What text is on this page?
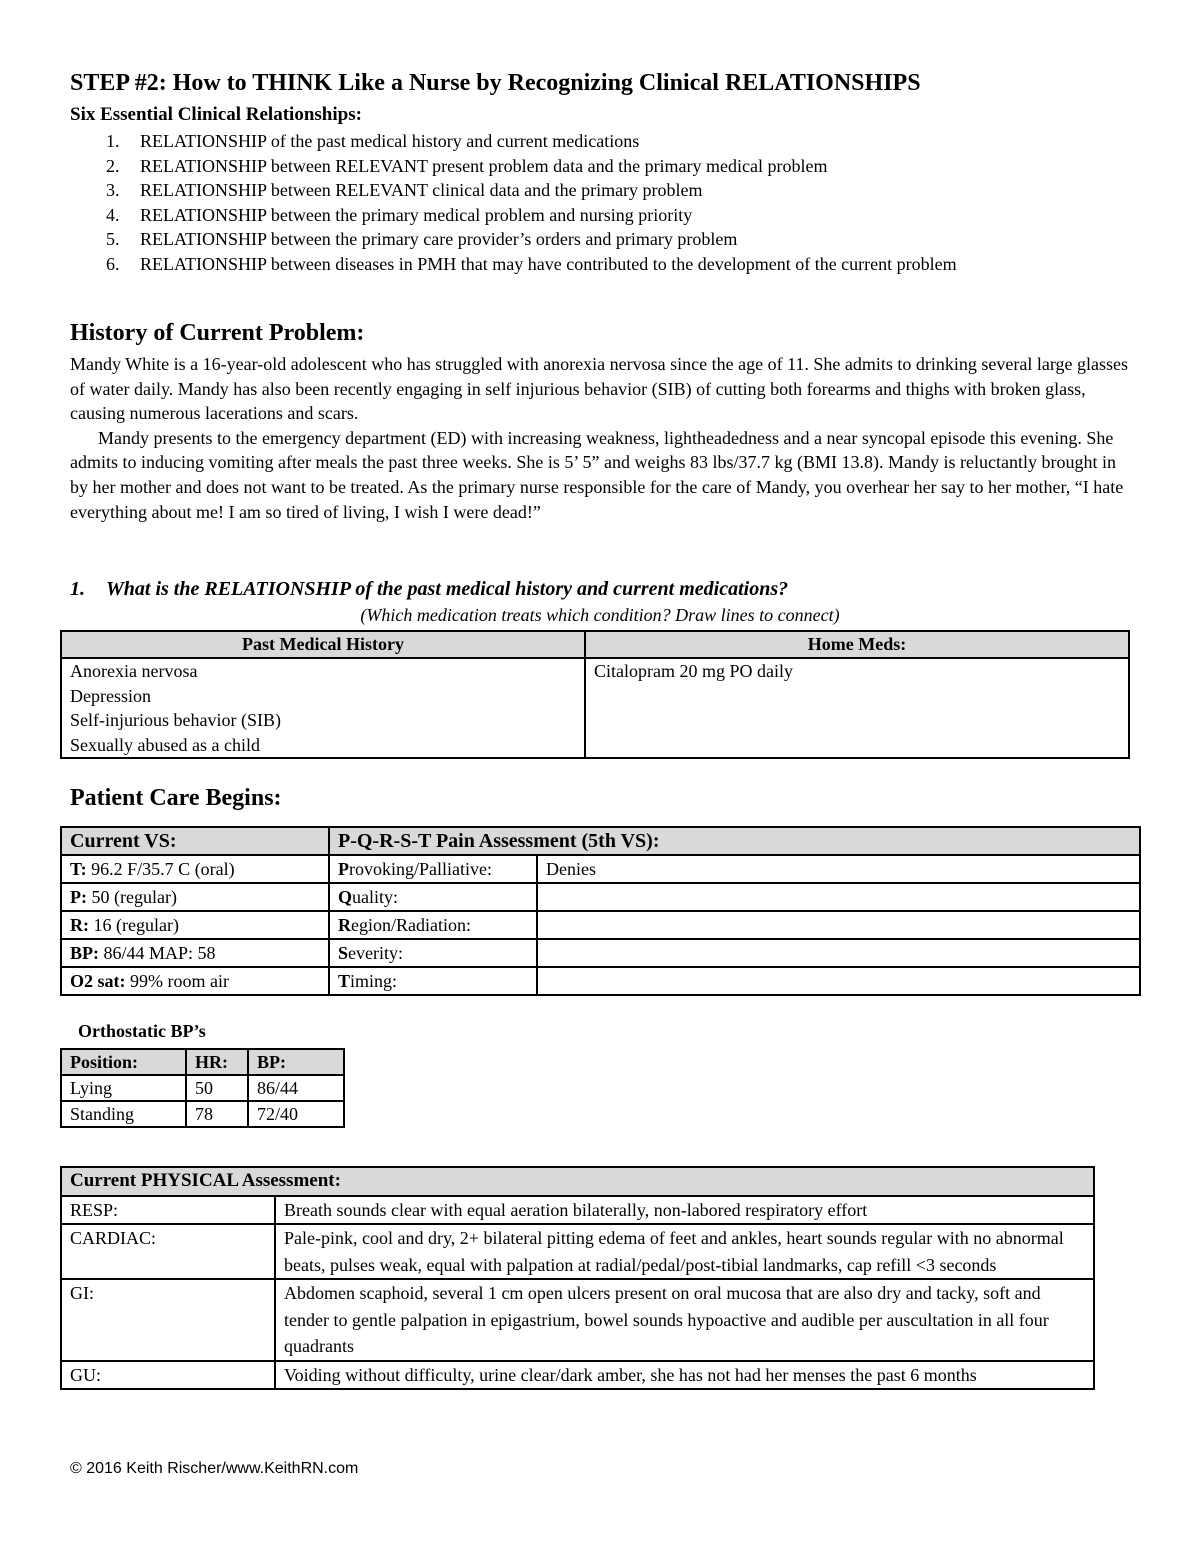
STEP #2: How to THINK Like a Nurse by Recognizing Clinical RELATIONSHIPS

Six Essential Clinical Relationships:

1. RELATIONSHIP of the past medical history and current medications
2. RELATIONSHIP between RELEVANT present problem data and the primary medical problem
3. RELATIONSHIP between RELEVANT clinical data and the primary problem
4. RELATIONSHIP between the primary medical problem and nursing priority
5. RELATIONSHIP between the primary care provider’s orders and primary problem
6. RELATIONSHIP between diseases in PMH that may have contributed to the development of the current problem
History of Current Problem:

Mandy White is a 16-year-old adolescent who has struggled with anorexia nervosa since the age of 11. She admits to drinking several large glasses of water daily. Mandy has also been recently engaging in self injurious behavior (SIB) of cutting both forearms and thighs with broken glass, causing numerous lacerations and scars.

Mandy presents to the emergency department (ED) with increasing weakness, lightheadedness and a near syncopal episode this evening. She admits to inducing vomiting after meals the past three weeks. She is 5’ 5” and weighs 83 lbs/37.7 kg (BMI 13.8). Mandy is reluctantly brought in by her mother and does not want to be treated. As the primary nurse responsible for the care of Mandy, you overhear her say to her mother, “I hate everything about me! I am so tired of living, I wish I were dead!”

1. What is the RELATIONSHIP of the past medical history and current medications?

(Which medication treats which condition? Draw lines to connect)

Past Medical History	Home Meds:

Anorexia nervosa
Depression
Self-injurious behavior (SIB)
Sexually abused as a child	Citalopram 20 mg PO daily
Patient Care Begins:
Current VS:	P-Q-R-S-T Pain Assessment (5th VS):	
T: 96.2 F/35.7 C (oral)	Provoking/Palliative:	Denies
P: 50 (regular)	Quality:	
R: 16 (regular)	Region/Radiation:	
BP: 86/44 MAP: 58	Severity:	
O2 sat: 99% room air	Timing:	

Orthostatic BP’s

Position:	HR:	BP:
Lying	50	86/44
Standing	78	72/40
Current PHYSICAL Assessment:	
RESP:	Breath sounds clear with equal aeration bilaterally, non-labored respiratory effort
CARDIAC:	Pale-pink, cool and dry, 2+ bilateral pitting edema of feet and ankles, heart sounds regular with no abnormal beats, pulses weak, equal with palpation at radial/pedal/post-tibial landmarks, cap refill <3 seconds
GI:	Abdomen scaphoid, several 1 cm open ulcers present on oral mucosa that are also dry and tacky, soft and tender to gentle palpation in epigastrium, bowel sounds hypoactive and audible per auscultation in all four quadrants
GU:	Voiding without difficulty, urine clear/dark amber, she has not had her menses the past 6 months

© 2016 Keith Rischer/www.KeithRN.com
